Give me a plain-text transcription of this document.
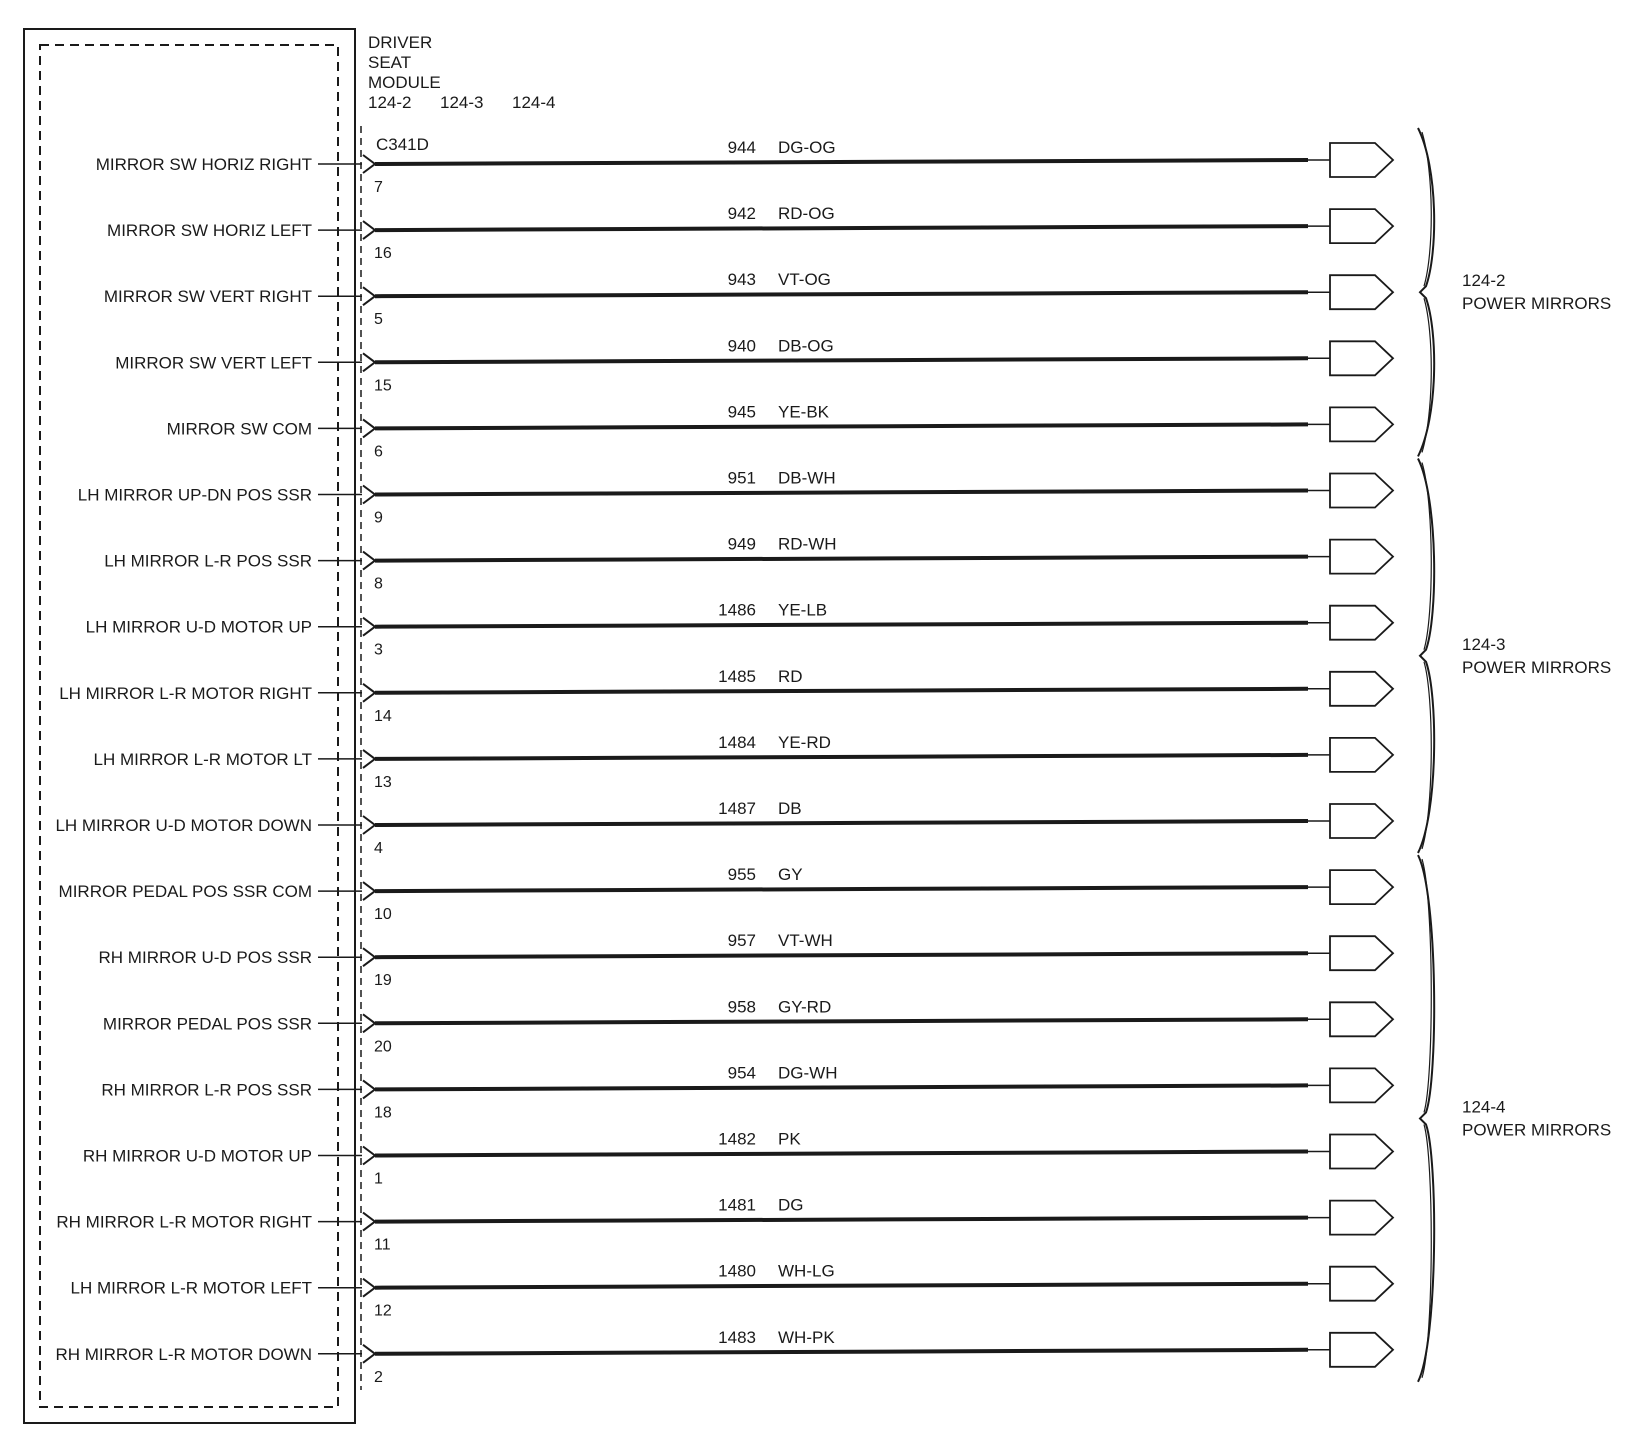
DRIVER
SEAT
MODULE
124-2 124-3 124-4
C341D
MIRROR SW HORIZ RIGHT
7
944 DG-OG
MIRROR SW HORIZ LEFT
16
942 RD-OG
MIRROR SW VERT RIGHT
5
943 VT-OG
MIRROR SW VERT LEFT
15
940 DB-OG
MIRROR SW COM
6
945 YE-BK
LH MIRROR UP-DN POS SSR
9
951 DB-WH
LH MIRROR L-R POS SSR
8
949 RD-WH
LH MIRROR U-D MOTOR UP
3
1486 YE-LB
LH MIRROR L-R MOTOR RIGHT
14
1485 RD
LH MIRROR L-R MOTOR LT
13
1484 YE-RD
LH MIRROR U-D MOTOR DOWN
4
1487 DB
MIRROR PEDAL POS SSR COM
10
955 GY
RH MIRROR U-D POS SSR
19
957 VT-WH
MIRROR PEDAL POS SSR
20
958 GY-RD
RH MIRROR L-R POS SSR
18
954 DG-WH
RH MIRROR U-D MOTOR UP
1
1482 PK
RH MIRROR L-R MOTOR RIGHT
11
1481 DG
LH MIRROR L-R MOTOR LEFT
12
1480 WH-LG
RH MIRROR L-R MOTOR DOWN
2
1483 WH-PK
124-2
POWER MIRRORS
124-3
POWER MIRRORS
124-4
POWER MIRRORS
